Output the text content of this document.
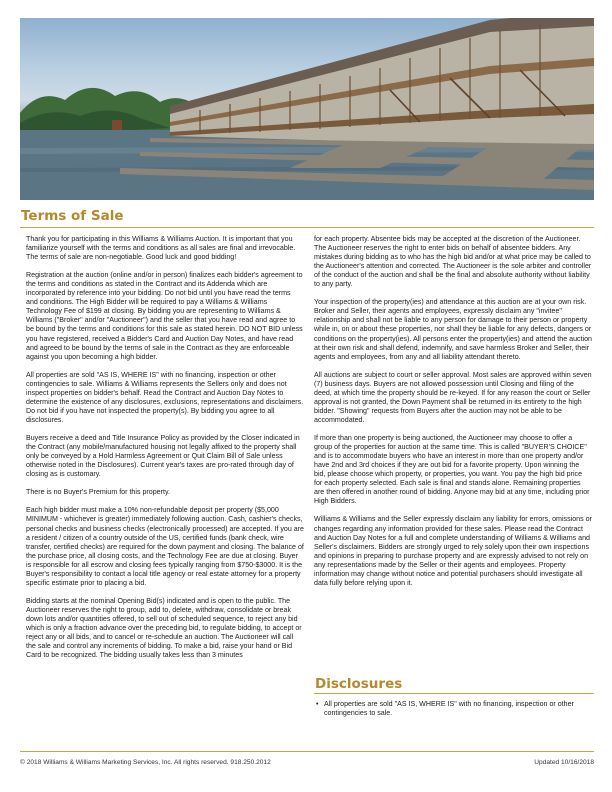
Terms of Sale

Thank you for participating in this Williams & Williams Auction. It is important that you familiarize yourself with the terms and conditions as all sales are final and irrevocable. The terms of sale are non-negotiable. Good luck and good bidding!

Registration at the auction (online and/or in person) finalizes each bidder's agreement to the terms and conditions as stated in the Contract and its Addenda which are incorporated by reference into your bidding. Do not bid until you have read the terms and conditions. The High Bidder will be required to pay a Williams & Williams Technology Fee of $199 at closing. By bidding you are representing to Williams & Williams ("Broker" and/or "Auctioneer") and the seller that you have read and agree to be bound by the terms and conditions for this sale as stated herein. DO NOT BID unless you have registered, received a Bidder's Card and Auction Day Notes, and have read and agreed to be bound by the terms of sale in the Contract as they are enforceable against you upon becoming a high bidder.

All properties are sold "AS IS, WHERE IS" with no financing, inspection or other contingencies to sale. Williams & Williams represents the Sellers only and does not inspect properties on bidder's behalf. Read the Contract and Auction Day Notes to determine the existence of any disclosures, exclusions, representations and disclaimers. Do not bid if you have not inspected the property(s). By bidding you agree to all disclosures.

Buyers receive a deed and Title Insurance Policy as provided by the Closer indicated in the Contract (any mobile/manufactured housing not legally affixed to the property shall only be conveyed by a Hold Harmless Agreement or Quit Claim Bill of Sale unless otherwise noted in the Disclosures). Current year's taxes are pro-rated through day of closing as is customary.

There is no Buyer's Premium for this property.

Each high bidder must make a 10% non-refundable deposit per property ($5,000 MINIMUM - whichever is greater) immediately following auction. Cash, cashier's checks, personal checks and business checks (electronically processed) are accepted. If you are a resident / citizen of a country outside of the US, certified funds (bank check, wire transfer, certified checks) are required for the down payment and closing. The balance of the purchase price, all closing costs, and the Technology Fee are due at closing. Buyer is responsible for all escrow and closing fees typically ranging from $750-$3000. It is the Buyer's responsibility to contact a local title agency or real estate attorney for a property specific estimate prior to placing a bid.

Bidding starts at the nominal Opening Bid(s) indicated and is open to the public. The Auctioneer reserves the right to group, add to, delete, withdraw, consolidate or break down lots and/or quantities offered, to sell out of scheduled sequence, to reject any bid which is only a fraction advance over the preceding bid, to regulate bidding, to accept or reject any or all bids, and to cancel or re-schedule an auction. The Auctioneer will call the sale and control any increments of bidding. To make a bid, raise your hand or Bid Card to be recognized. The bidding usually takes less than 3 minutes

for each property. Absentee bids may be accepted at the discretion of the Auctioneer. The Auctioneer reserves the right to enter bids on behalf of absentee bidders. Any mistakes during bidding as to who has the high bid and/or at what price may be called to the Auctioneer's attention and corrected. The Auctioneer is the sole arbiter and controller of the conduct of the auction and shall be the final and absolute authority without liability to any party.

Your inspection of the property(ies) and attendance at this auction are at your own risk. Broker and Seller, their agents and employees, expressly disclaim any "invitee" relationship and shall not be liable to any person for damage to their person or property while in, on or about these properties, nor shall they be liable for any defects, dangers or conditions on the property(ies). All persons enter the property(ies) and attend the auction at their own risk and shall defend, indemnify, and save harmless Broker and Seller, their agents and employees, from any and all liability attendant thereto.

All auctions are subject to court or seller approval. Most sales are approved within seven (7) business days. Buyers are not allowed possession until Closing and filing of the deed, at which time the property should be re-keyed. If for any reason the court or Seller approval is not granted, the Down Payment shall be returned in its entirety to the high bidder. "Showing" requests from Buyers after the auction may not be able to be accommodated.

If more than one property is being auctioned, the Auctioneer may choose to offer a group of the properties for auction at the same time. This is called "BUYER'S CHOICE" and is to accommodate buyers who have an interest in more than one property and/or have 2nd and 3rd choices if they are out bid for a favorite property. Upon winning the bid, please choose which property, or properties, you want. You pay the high bid price for each property selected. Each sale is final and stands alone. Remaining properties are then offered in another round of bidding. Anyone may bid at any time, including prior High Bidders.

Williams & Williams and the Seller expressly disclaim any liability for errors, omissions or changes regarding any information provided for these sales. Please read the Contract and Auction Day Notes for a full and complete understanding of Williams & Williams and Seller's disclaimers. Bidders are strongly urged to rely solely upon their own inspections and opinions in preparing to purchase property and are expressly advised to not rely on any representations made by the Seller or their agents and employees. Property information may change without notice and potential purchasers should investigate all data fully before relying upon it.

Disclosures
• All properties are sold "AS IS, WHERE IS" with no financing, inspection or other contingencies to sale.
© 2018 Williams & Williams Marketing Services, Inc. All rights reserved. 918.250.2012	Updated 10/16/2018
